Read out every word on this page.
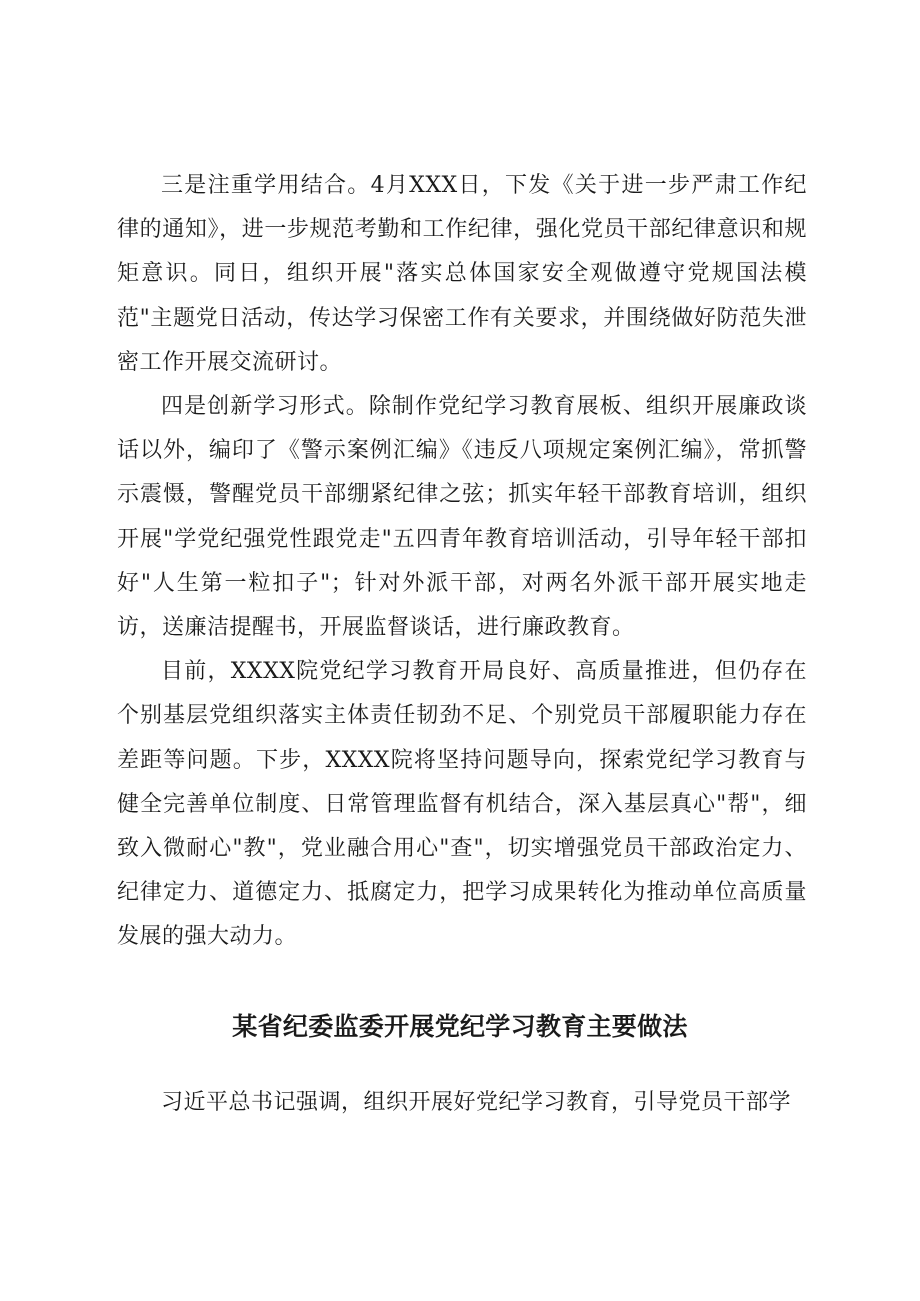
三是注重学用结合。4月XXX日，下发《关于进一步严肃工作纪律的通知》，进一步规范考勤和工作纪律，强化党员干部纪律意识和规矩意识。同日，组织开展"落实总体国家安全观做遵守党规国法模范"主题党日活动，传达学习保密工作有关要求，并围绕做好防范失泄密工作开展交流研讨。

四是创新学习形式。除制作党纪学习教育展板、组织开展廉政谈话以外，编印了《警示案例汇编》《违反八项规定案例汇编》，常抓警示震慑，警醒党员干部绷紧纪律之弦；抓实年轻干部教育培训，组织开展"学党纪强党性跟党走"五四青年教育培训活动，引导年轻干部扣好"人生第一粒扣子"；针对外派干部，对两名外派干部开展实地走访，送廉洁提醒书，开展监督谈话，进行廉政教育。

目前，XXXX院党纪学习教育开局良好、高质量推进，但仍存在个别基层党组织落实主体责任韧劲不足、个别党员干部履职能力存在差距等问题。下步，XXXX院将坚持问题导向，探索党纪学习教育与健全完善单位制度、日常管理监督有机结合，深入基层真心"帮"，细致入微耐心"教"，党业融合用心"查"，切实增强党员干部政治定力、纪律定力、道德定力、抵腐定力，把学习成果转化为推动单位高质量发展的强大动力。

某省纪委监委开展党纪学习教育主要做法

习近平总书记强调，组织开展好党纪学习教育，引导党员干部学
